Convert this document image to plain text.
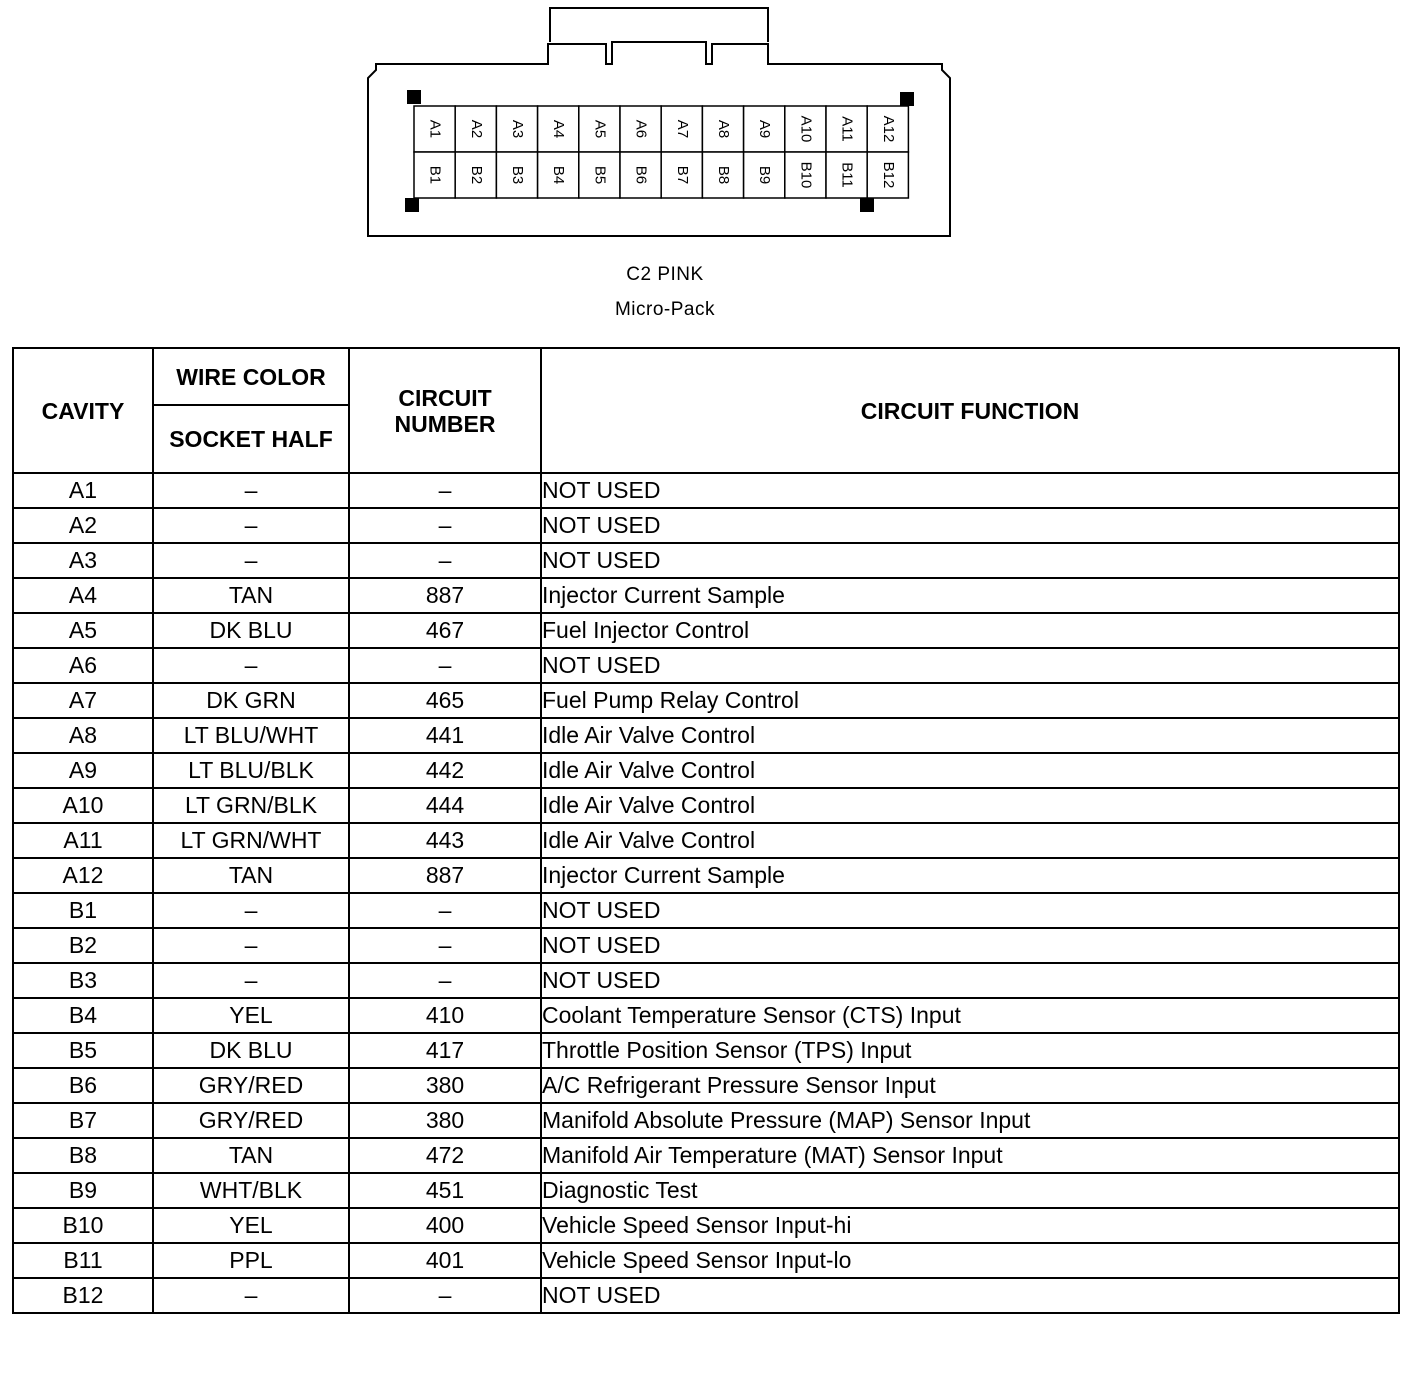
A1 A2 A3 A4 A5 A6 A7 A8 A9 A10 A11 A12
B1 B2 B3 B4 B5 B6 B7 B8 B9 B10 B11 B12
C2 PINK
Micro-Pack
CAVITY	WIRE COLOR	CIRCUIT NUMBER	CIRCUIT FUNCTION
	SOCKET HALF		
A1	–	–	NOT USED
A2	–	–	NOT USED
A3	–	–	NOT USED
A4	TAN	887	Injector Current Sample
A5	DK BLU	467	Fuel Injector Control
A6	–	–	NOT USED
A7	DK GRN	465	Fuel Pump Relay Control
A8	LT BLU/WHT	441	Idle Air Valve Control
A9	LT BLU/BLK	442	Idle Air Valve Control
A10	LT GRN/BLK	444	Idle Air Valve Control
A11	LT GRN/WHT	443	Idle Air Valve Control
A12	TAN	887	Injector Current Sample
B1	–	–	NOT USED
B2	–	–	NOT USED
B3	–	–	NOT USED
B4	YEL	410	Coolant Temperature Sensor (CTS) Input
B5	DK BLU	417	Throttle Position Sensor (TPS) Input
B6	GRY/RED	380	A/C Refrigerant Pressure Sensor Input
B7	GRY/RED	380	Manifold Absolute Pressure (MAP) Sensor Input
B8	TAN	472	Manifold Air Temperature (MAT) Sensor Input
B9	WHT/BLK	451	Diagnostic Test
B10	YEL	400	Vehicle Speed Sensor Input-hi
B11	PPL	401	Vehicle Speed Sensor Input-lo
B12	–	–	NOT USED
